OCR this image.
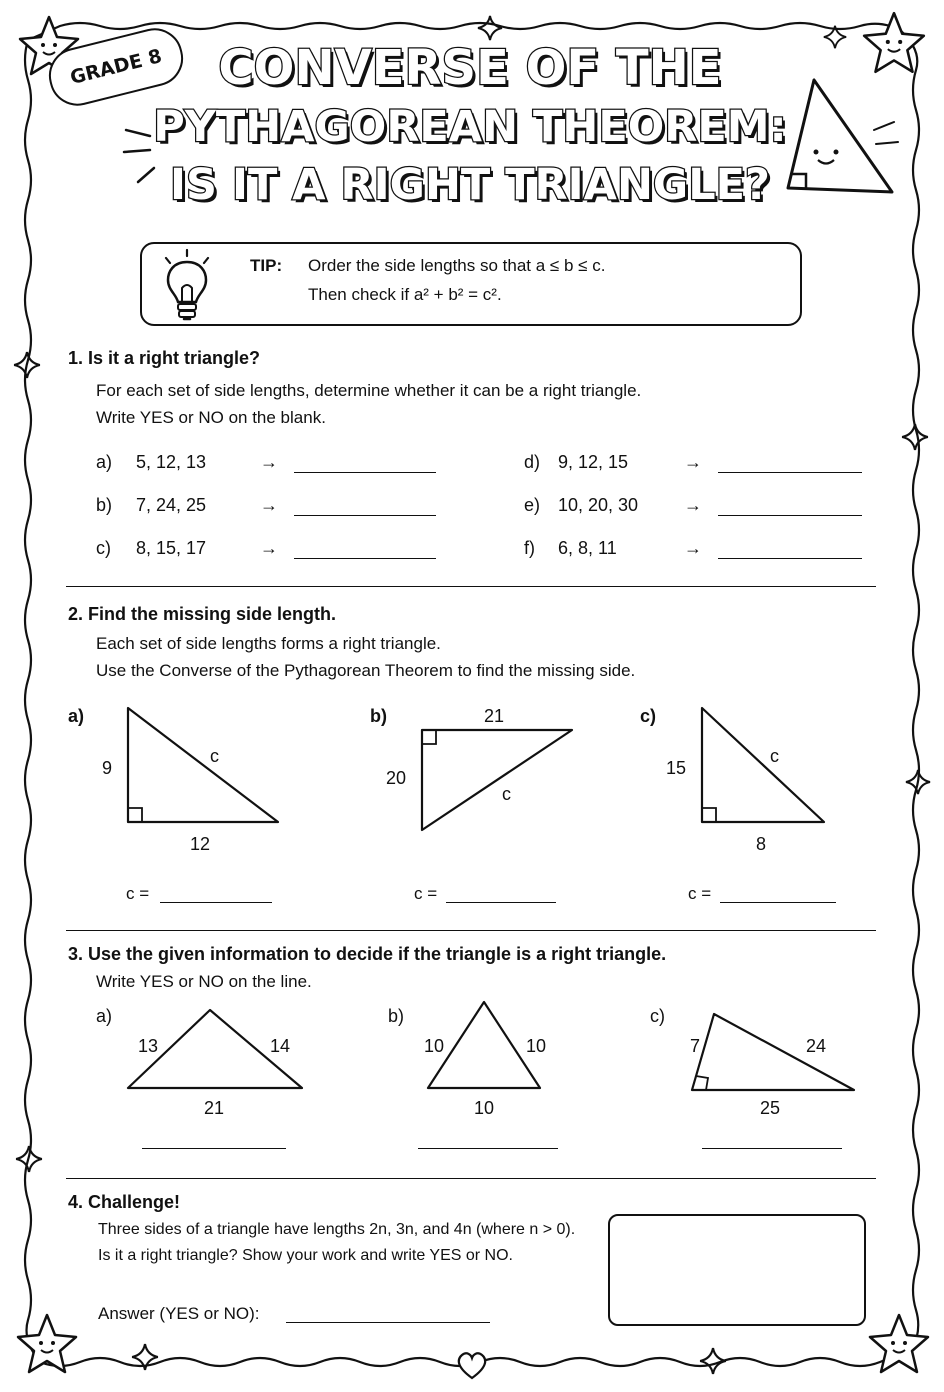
GRADE 8	CONVERSE OF THE
PYTHAGOREAN THEOREM:
IS IT A RIGHT TRIANGLE?
TIP: Order the side lengths so that a ≤ b ≤ c.
Then check if a² + b² = c².
1. Is it a right triangle?
For each set of side lengths, determine whether it can be a right triangle.
Write YES or NO on the blank.
a) 5, 12, 13	→
b) 7, 24, 25	→
c) 8, 15, 17	→
d) 9, 12, 15	→
e) 10, 20, 30	→
f) 6, 8, 11	→
2. Find the missing side length.
Each set of side lengths forms a right triangle.
Use the Converse of the Pythagorean Theorem to find the missing side.
a)
9
12
c
b)	21
20
c
c)
15
8
c
c =	c =	c =
3. Use the given information to decide if the triangle is a right triangle.
Write YES or NO on the line.
a)
13	14
21
b)
10	10
10
c)
7	24
25
4. Challenge!
Three sides of a triangle have lengths 2n, 3n, and 4n (where n > 0).
Is it a right triangle? Show your work and write YES or NO.
Answer (YES or NO):
